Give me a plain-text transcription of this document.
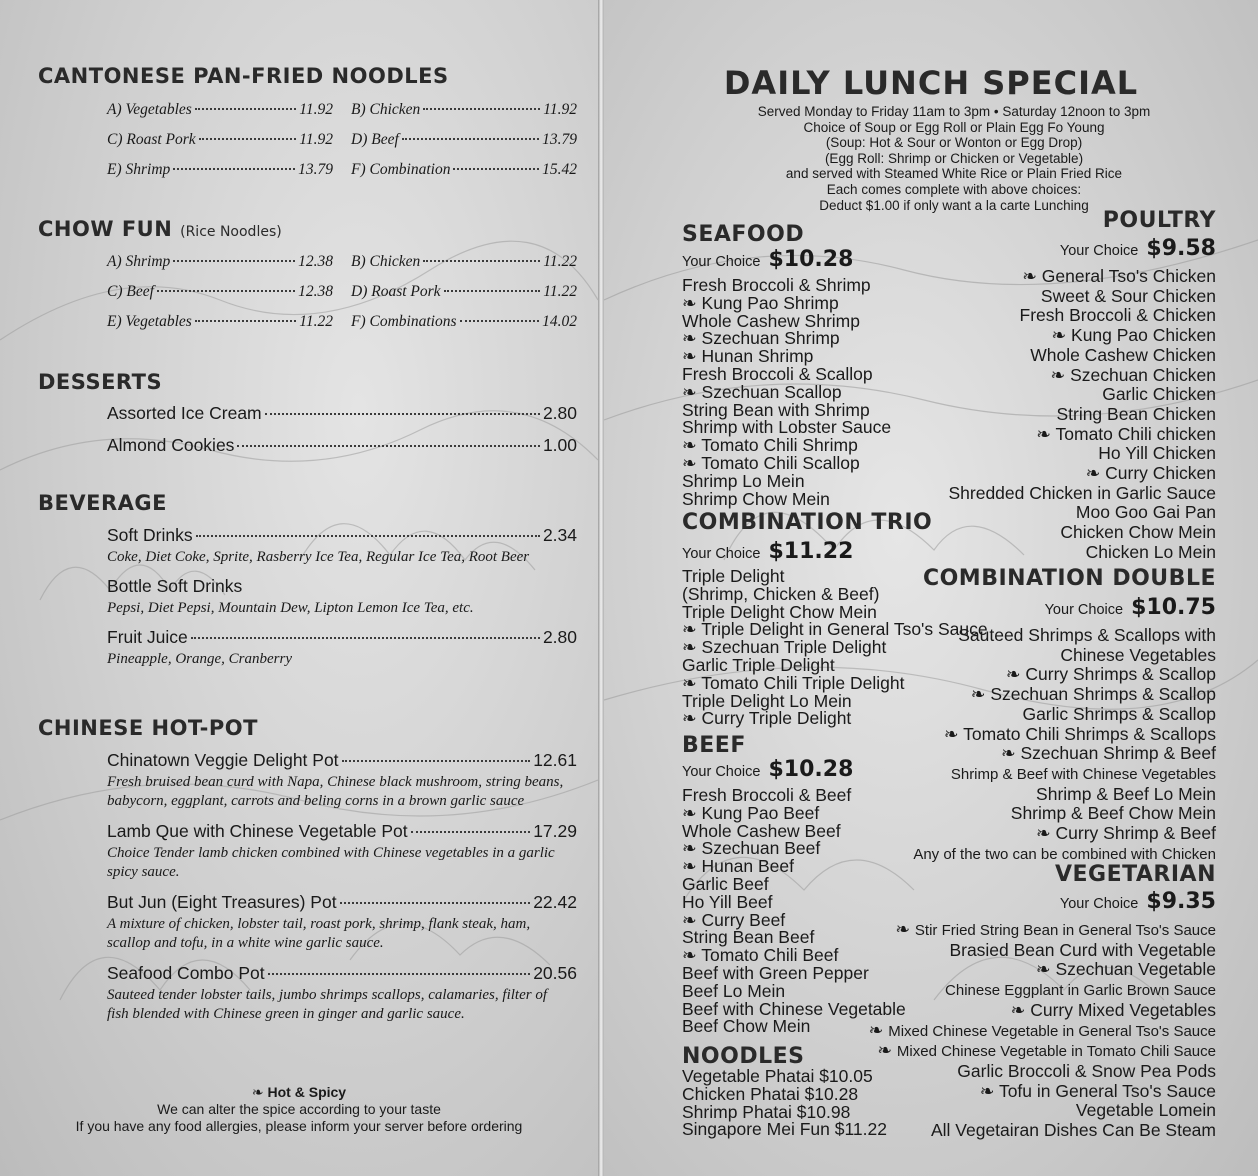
CANTONESE PAN-FRIED NOODLES
A) Vegetables	11.92 B) Chicken	11.92
C) Roast Pork	11.92 D) Beef	13.79
E) Shrimp	13.79 F) Combination	15.42
CHOW FUN (Rice Noodles)
A) Shrimp	12.38 B) Chicken	11.22
C) Beef	12.38 D) Roast Pork	11.22
E) Vegetables	11.22 F) Combinations	14.02
DESSERTS
Assorted Ice Cream	2.80
Almond Cookies	1.00
BEVERAGE
Soft Drinks	2.34
Coke, Diet Coke, Sprite, Rasberry Ice Tea, Regular Ice Tea, Root Beer
Bottle Soft Drinks
Pepsi, Diet Pepsi, Mountain Dew, Lipton Lemon Ice Tea, etc.
Fruit Juice	2.80
Pineapple, Orange, Cranberry
CHINESE HOT-POT
Chinatown Veggie Delight Pot	12.61
Fresh bruised bean curd with Napa, Chinese black mushroom, string beans, babycorn, eggplant, carrots and beling corns in a brown garlic sauce
Lamb Que with Chinese Vegetable Pot	17.29
Choice Tender lamb chicken combined with Chinese vegetables in a garlic spicy sauce.
But Jun (Eight Treasures) Pot	22.42
A mixture of chicken, lobster tail, roast pork, shrimp, flank steak, ham, scallop and tofu, in a white wine garlic sauce.
Seafood Combo Pot	20.56
Sauteed tender lobster tails, jumbo shrimps scallops, calamaries, filter of fish blended with Chinese green in ginger and garlic sauce.
❧ Hot & Spicy
We can alter the spice according to your taste
If you have any food allergies, please inform your server before ordering
DAILY LUNCH SPECIAL
Served Monday to Friday 11am to 3pm • Saturday 12noon to 3pm
Choice of Soup or Egg Roll or Plain Egg Fo Young
(Soup: Hot & Sour or Wonton or Egg Drop)
(Egg Roll: Shrimp or Chicken or Vegetable)
and served with Steamed White Rice or Plain Fried Rice
Each comes complete with above choices:
Deduct $1.00 if only want a la carte Lunching
SEAFOOD
Your Choice $10.28
Fresh Broccoli & Shrimp
❧ Kung Pao Shrimp
Whole Cashew Shrimp
❧ Szechuan Shrimp
❧ Hunan Shrimp
Fresh Broccoli & Scallop
❧ Szechuan Scallop
String Bean with Shrimp
Shrimp with Lobster Sauce
❧ Tomato Chili Shrimp
❧ Tomato Chili Scallop
Shrimp Lo Mein
Shrimp Chow Mein
COMBINATION TRIO
Your Choice $11.22
Triple Delight
(Shrimp, Chicken & Beef)
Triple Delight Chow Mein
❧ Triple Delight in General Tso's Sauce
❧ Szechuan Triple Delight
Garlic Triple Delight
❧ Tomato Chili Triple Delight
Triple Delight Lo Mein
❧ Curry Triple Delight
BEEF
Your Choice $10.28
Fresh Broccoli & Beef
❧ Kung Pao Beef
Whole Cashew Beef
❧ Szechuan Beef
❧ Hunan Beef
Garlic Beef
Ho Yill Beef
❧ Curry Beef
String Bean Beef
❧ Tomato Chili Beef
Beef with Green Pepper
Beef Lo Mein
Beef with Chinese Vegetable
Beef Chow Mein
NOODLES
Vegetable Phatai $10.05
Chicken Phatai $10.28
Shrimp Phatai $10.98
Singapore Mei Fun $11.22
POULTRY
Your Choice $9.58
❧ General Tso's Chicken
Sweet & Sour Chicken
Fresh Broccoli & Chicken
❧ Kung Pao Chicken
Whole Cashew Chicken
❧ Szechuan Chicken
Garlic Chicken
String Bean Chicken
❧ Tomato Chili chicken
Ho Yill Chicken
❧ Curry Chicken
Shredded Chicken in Garlic Sauce
Moo Goo Gai Pan
Chicken Chow Mein
Chicken Lo Mein
COMBINATION DOUBLE
Your Choice $10.75
Sauteed Shrimps & Scallops with
Chinese Vegetables
❧ Curry Shrimps & Scallop
❧ Szechuan Shrimps & Scallop
Garlic Shrimps & Scallop
❧ Tomato Chili Shrimps & Scallops
❧ Szechuan Shrimp & Beef
Shrimp & Beef with Chinese Vegetables
Shrimp & Beef Lo Mein
Shrimp & Beef Chow Mein
❧ Curry Shrimp & Beef
Any of the two can be combined with Chicken
VEGETARIAN
Your Choice $9.35
❧ Stir Fried String Bean in General Tso's Sauce
Brasied Bean Curd with Vegetable
❧ Szechuan Vegetable
Chinese Eggplant in Garlic Brown Sauce
❧ Curry Mixed Vegetables
❧ Mixed Chinese Vegetable in General Tso's Sauce
❧ Mixed Chinese Vegetable in Tomato Chili Sauce
Garlic Broccoli & Snow Pea Pods
❧ Tofu in General Tso's Sauce
Vegetable Lomein
All Vegetairan Dishes Can Be Steam
